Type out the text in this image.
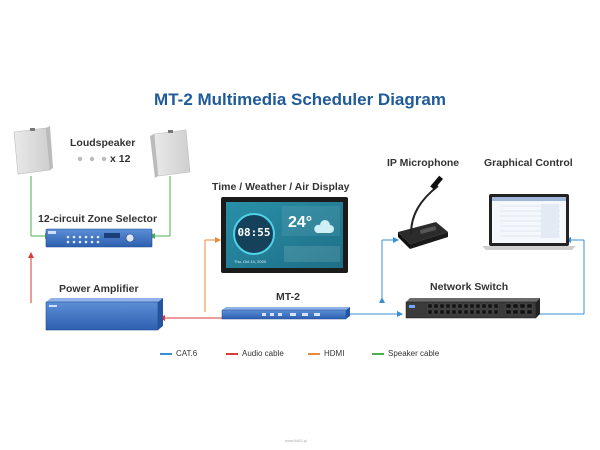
MT-2 Multimedia Scheduler Diagram
Loudspeaker
x 12
12-circuit Zone Selector
Power Amplifier
Time / Weather / Air Display
MT-2
IP Microphone Graphical Control
Network Switch
08:55
24°
Thu, Oct 14, 2020
CAT.6	Audio cable	HDMI	Speaker cable
www.MA2.pl
